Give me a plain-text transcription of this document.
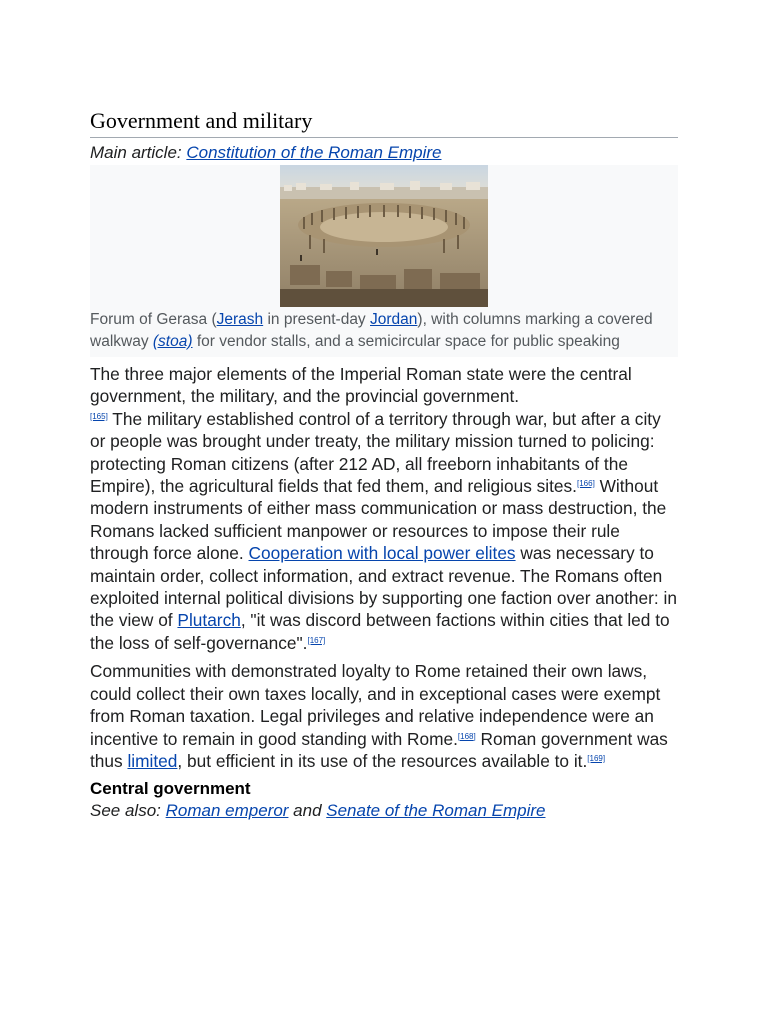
Government and military
Main article: Constitution of the Roman Empire
Forum of Gerasa (Jerash in present-day Jordan), with columns marking a covered walkway (stoa) for vendor stalls, and a semicircular space for public speaking

The three major elements of the Imperial Roman state were the central government, the military, and the provincial government.
[165] The military established control of a territory through war, but after a city or people was brought under treaty, the military mission turned to policing: protecting Roman citizens (after 212 AD, all freeborn inhabitants of the Empire), the agricultural fields that fed them, and religious sites.[166] Without modern instruments of either mass communication or mass destruction, the Romans lacked sufficient manpower or resources to impose their rule through force alone. Cooperation with local power elites was necessary to maintain order, collect information, and extract revenue. The Romans often exploited internal political divisions by supporting one faction over another: in the view of Plutarch, "it was discord between factions within cities that led to the loss of self-governance".[167]

Communities with demonstrated loyalty to Rome retained their own laws, could collect their own taxes locally, and in exceptional cases were exempt from Roman taxation. Legal privileges and relative independence were an incentive to remain in good standing with Rome.[168] Roman government was thus limited, but efficient in its use of the resources available to it.[169]

Central government
See also: Roman emperor and Senate of the Roman Empire
